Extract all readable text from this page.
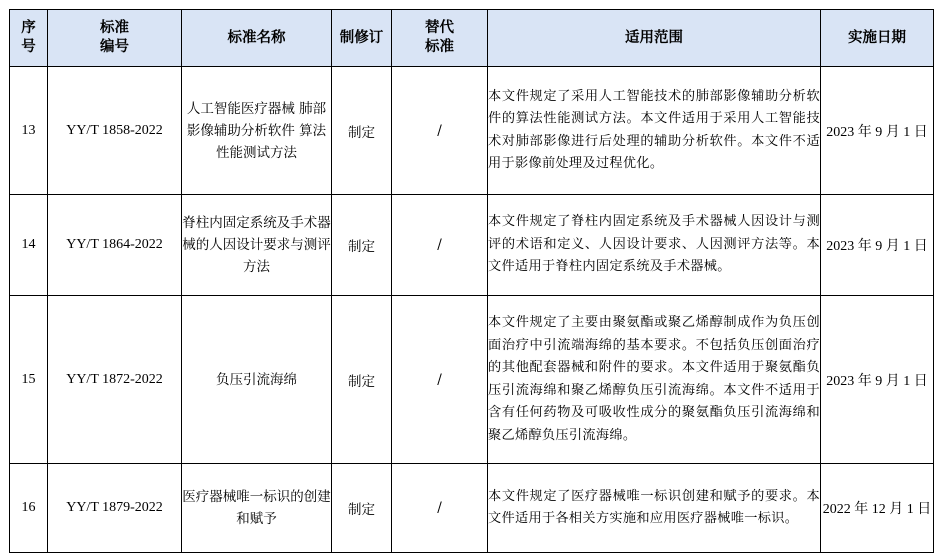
序号	标准编号	标准名称	制修订	替代标准	适用范围	实施日期
13	YY/T 1858-2022	人工智能医疗器械 肺部影像辅助分析软件 算法性能测试方法	制定	/	本文件规定了采用人工智能技术的肺部影像辅助分析软件的算法性能测试方法。本文件适用于采用人工智能技术对肺部影像进行后处理的辅助分析软件。本文件不适用于影像前处理及过程优化。	2023 年 9 月 1 日
14	YY/T 1864-2022	脊柱内固定系统及手术器械的人因设计要求与测评方法	制定	/	本文件规定了脊柱内固定系统及手术器械人因设计与测评的术语和定义、人因设计要求、人因测评方法等。本文件适用于脊柱内固定系统及手术器械。	2023 年 9 月 1 日
15	YY/T 1872-2022	负压引流海绵	制定	/	本文件规定了主要由聚氨酯或聚乙烯醇制成作为负压创面治疗中引流端海绵的基本要求。不包括负压创面治疗的其他配套器械和附件的要求。本文件适用于聚氨酯负压引流海绵和聚乙烯醇负压引流海绵。本文件不适用于含有任何药物及可吸收性成分的聚氨酯负压引流海绵和聚乙烯醇负压引流海绵。	2023 年 9 月 1 日
16	YY/T 1879-2022	医疗器械唯一标识的创建和赋予	制定	/	本文件规定了医疗器械唯一标识创建和赋予的要求。本文件适用于各相关方实施和应用医疗器械唯一标识。	2022 年 12 月 1 日
